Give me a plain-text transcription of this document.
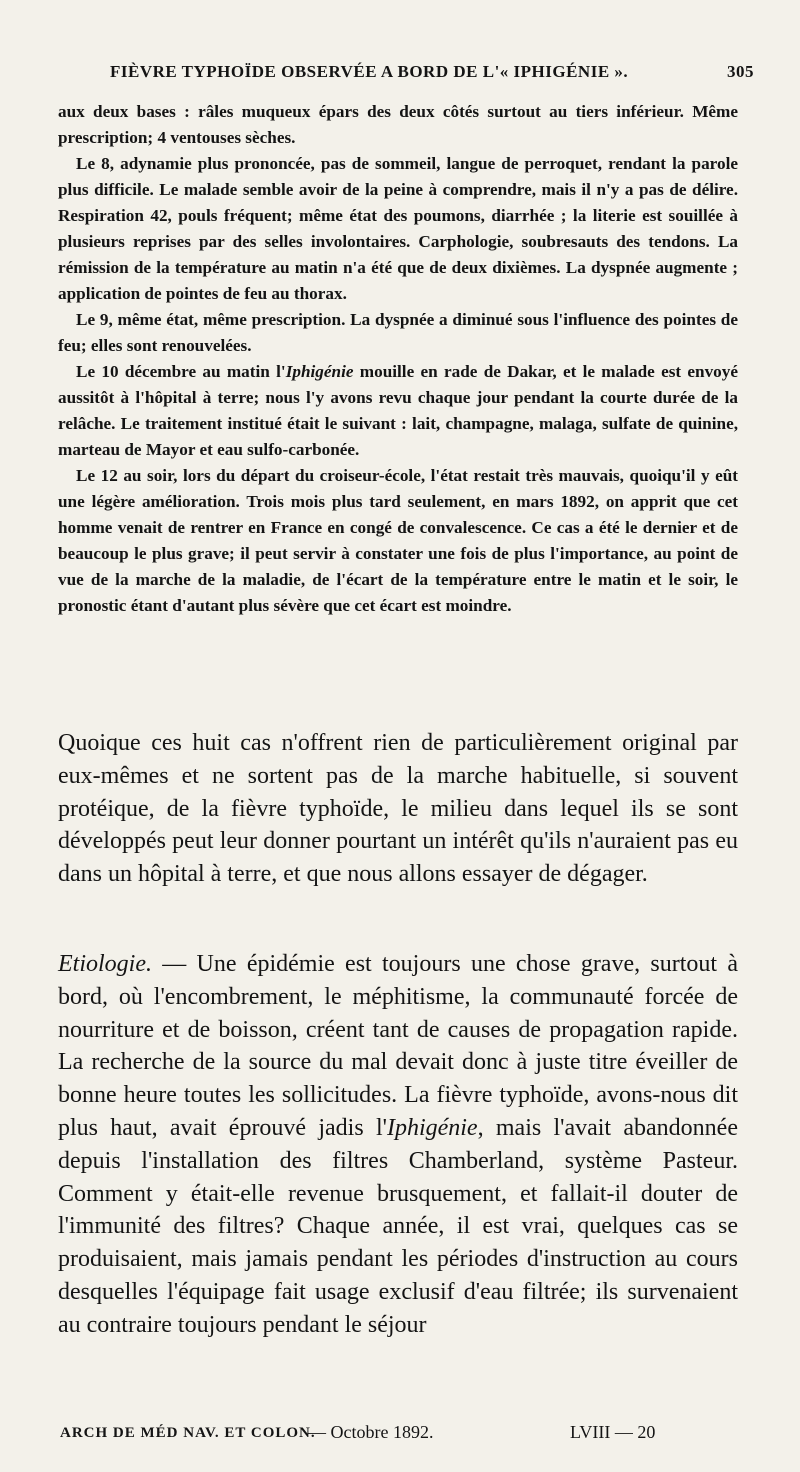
FIÈVRE TYPHOÏDE OBSERVÉE A BORD DE L'« IPHIGÉNIE ».	305

aux deux bases : râles muqueux épars des deux côtés surtout au tiers inférieur. Même prescription; 4 ventouses sèches.

Le 8, adynamie plus prononcée, pas de sommeil, langue de perroquet, rendant la parole plus difficile. Le malade semble avoir de la peine à comprendre, mais il n'y a pas de délire. Respiration 42, pouls fréquent; même état des poumons, diarrhée ; la literie est souillée à plusieurs reprises par des selles involontaires. Carphologie, soubresauts des tendons. La rémission de la température au matin n'a été que de deux dixièmes. La dyspnée augmente ; application de pointes de feu au thorax.

Le 9, même état, même prescription. La dyspnée a diminué sous l'influence des pointes de feu; elles sont renouvelées.

Le 10 décembre au matin l'Iphigénie mouille en rade de Dakar, et le malade est envoyé aussitôt à l'hôpital à terre; nous l'y avons revu chaque jour pendant la courte durée de la relâche. Le traitement institué était le suivant : lait, champagne, malaga, sulfate de quinine, marteau de Mayor et eau sulfo-carbonée.

Le 12 au soir, lors du départ du croiseur-école, l'état restait très mauvais, quoiqu'il y eût une légère amélioration. Trois mois plus tard seulement, en mars 1892, on apprit que cet homme venait de rentrer en France en congé de convalescence. Ce cas a été le dernier et de beaucoup le plus grave; il peut servir à constater une fois de plus l'importance, au point de vue de la marche de la maladie, de l'écart de la température entre le matin et le soir, le pronostic étant d'autant plus sévère que cet écart est moindre.

Quoique ces huit cas n'offrent rien de particulièrement original par eux-mêmes et ne sortent pas de la marche habituelle, si souvent protéique, de la fièvre typhoïde, le milieu dans lequel ils se sont développés peut leur donner pourtant un intérêt qu'ils n'auraient pas eu dans un hôpital à terre, et que nous allons essayer de dégager.

Etiologie. — Une épidémie est toujours une chose grave, surtout à bord, où l'encombrement, le méphitisme, la communauté forcée de nourriture et de boisson, créent tant de causes de propagation rapide. La recherche de la source du mal devait donc à juste titre éveiller de bonne heure toutes les sollicitudes. La fièvre typhoïde, avons-nous dit plus haut, avait éprouvé jadis l'Iphigénie, mais l'avait abandonnée depuis l'installation des filtres Chamberland, système Pasteur. Comment y était-elle revenue brusquement, et fallait-il douter de l'immunité des filtres? Chaque année, il est vrai, quelques cas se produisaient, mais jamais pendant les périodes d'instruction au cours desquelles l'équipage fait usage exclusif d'eau filtrée; ils survenaient au contraire toujours pendant le séjour

ARCH DE MÉD NAV. ET COLON.
— Octobre 1892.	LVIII — 20
